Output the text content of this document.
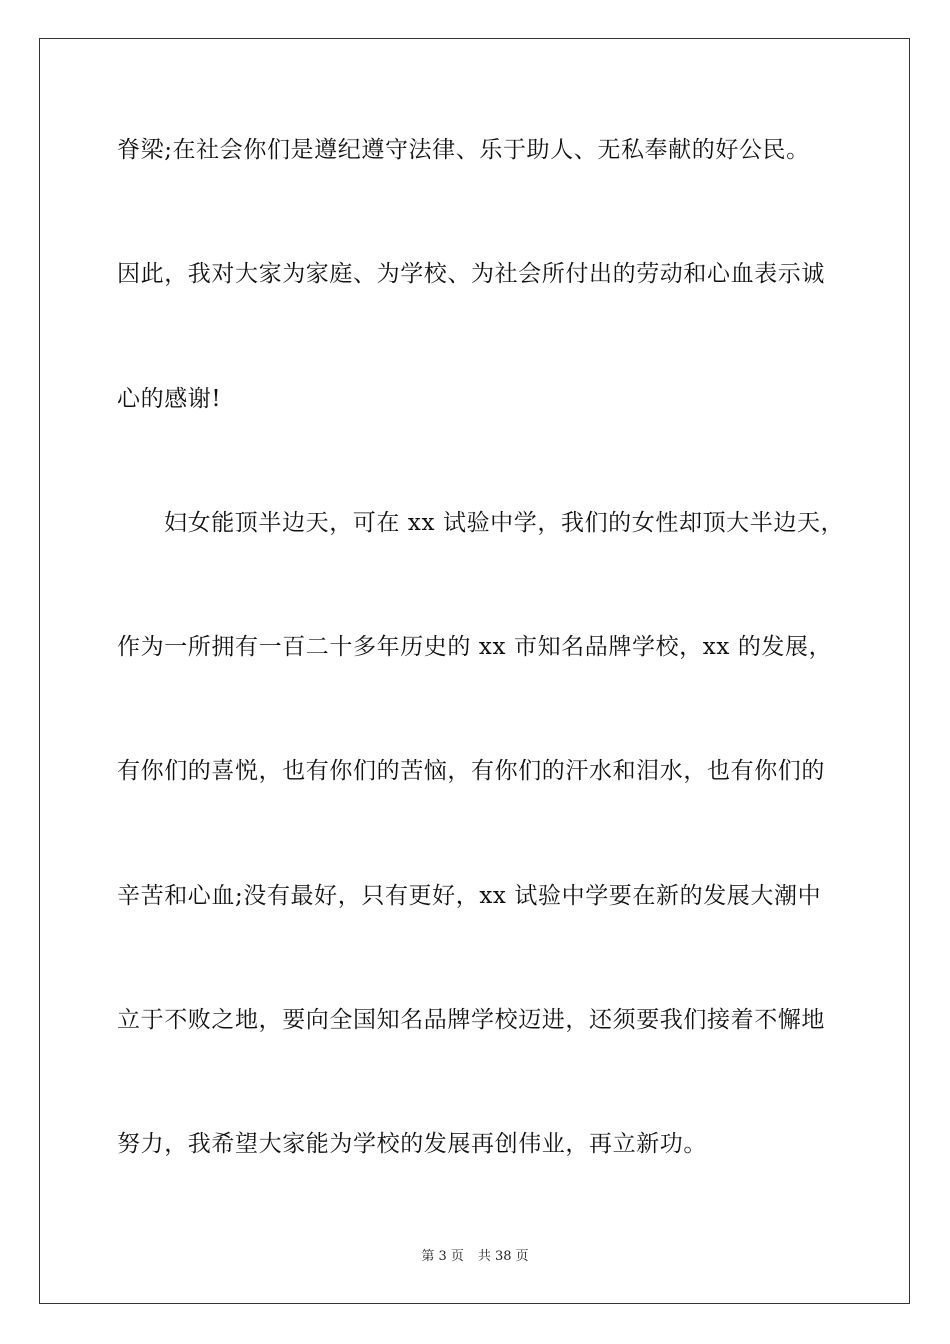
脊梁;在社会你们是遵纪遵守法律、乐于助人、无私奉献的好公民。
因此，我对大家为家庭、为学校、为社会所付出的劳动和心血表示诚
心的感谢!
妇女能顶半边天，可在 xx 试验中学，我们的女性却顶大半边天，
作为一所拥有一百二十多年历史的 xx 市知名品牌学校，xx 的发展，
有你们的喜悦，也有你们的苦恼，有你们的汗水和泪水，也有你们的
辛苦和心血;没有最好，只有更好，xx 试验中学要在新的发展大潮中
立于不败之地，要向全国知名品牌学校迈进，还须要我们接着不懈地
努力，我希望大家能为学校的发展再创伟业，再立新功。
第 3 页 共 38 页
